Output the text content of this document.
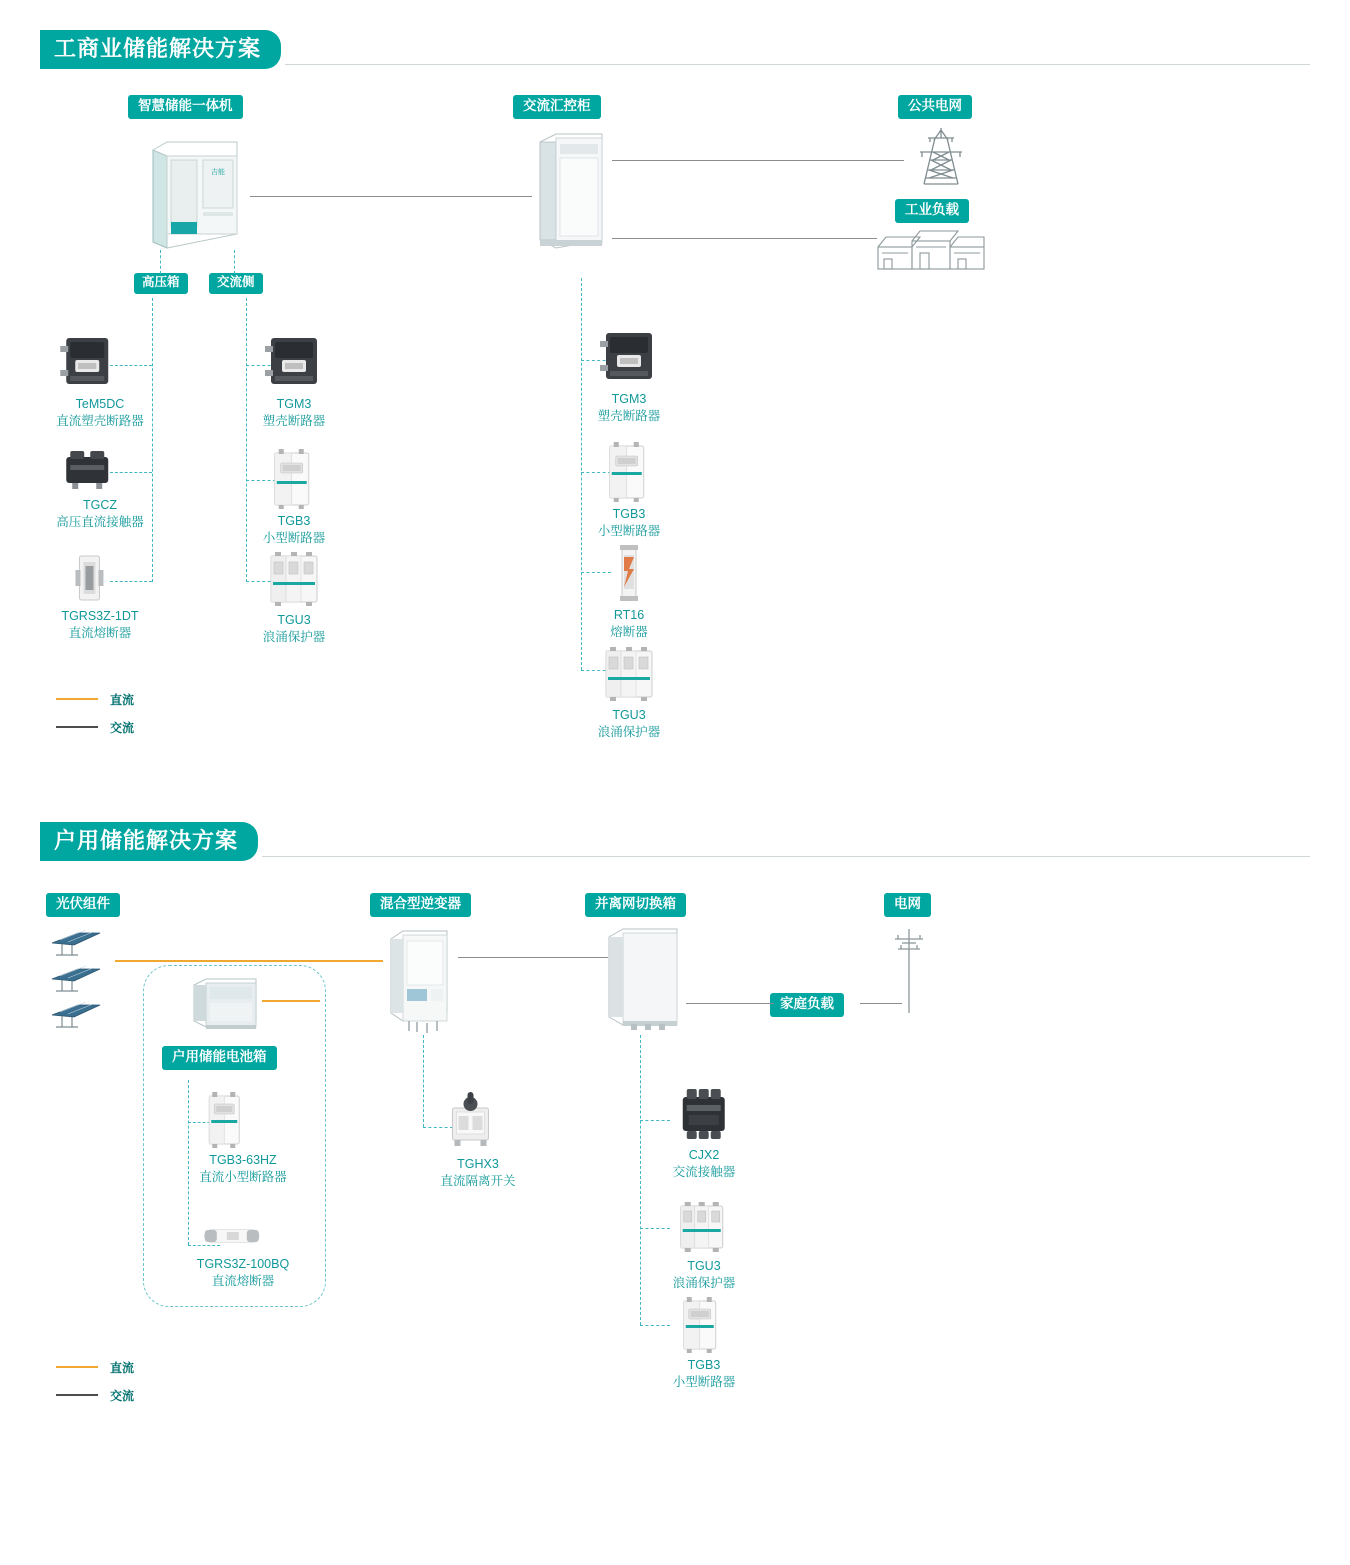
工商业储能解决方案
智慧储能一体机	交流汇控柜	公共电网
工业负载
吉能
高压箱	交流侧
TeM5DC
直流塑壳断路器
TGCZ
高压直流接触器
TGRS3Z-1DT
直流熔断器
TGM3
塑壳断路器
TGB3
小型断路器
TGU3
浪涌保护器
TGM3
塑壳断路器
TGB3
小型断路器
RT16
熔断器
TGU3
浪涌保护器
直流
交流
户用储能解决方案
光伏组件	混合型逆变器	并离网切换箱	电网
家庭负载
户用储能电池箱
TGB3-63HZ
直流小型断路器
TGRS3Z-100BQ
直流熔断器
TGHX3
直流隔离开关
CJX2
交流接触器
TGU3
浪涌保护器
TGB3
小型断路器
直流
交流
